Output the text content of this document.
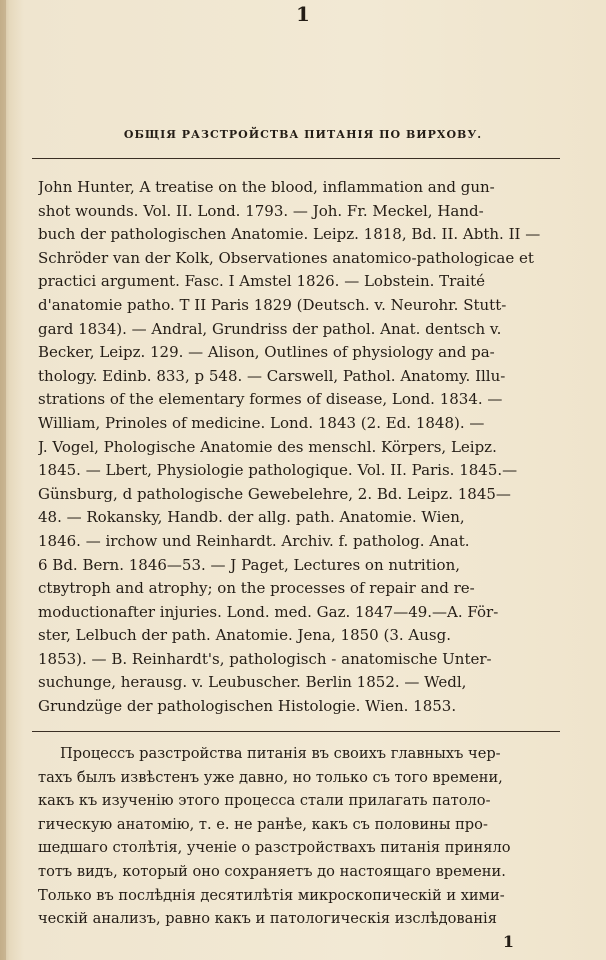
1
ОБЩІЯ РАЗСТРОЙСТВА ПИТАНІЯ ПО ВИРХОВУ.
John Hunter, A treatise on the blood, inflammation and gun-
shot wounds. Vol. II. Lond. 1793. — Joh. Fr. Meckel, Hand-
buch der pathologischen Anatomie. Leipz. 1818, Bd. II. Abth. II —
Schröder van der Kolk, Observationes anatomico-pathologicae et
practici argument. Fasc. I Amstel 1826. — Lobstein. Traité
d'anatomie patho. T II Paris 1829 (Deutsch. v. Neurohr. Stutt-
gard 1834). — Andral, Grundriss der pathol. Anat. dentsch v.
Becker, Leipz. 129. — Alison, Outlines of physiology and pa-
thology. Edinb. 833, p 548. — Carswell, Pathol. Anatomy. Illu-
strations of the elementary formes of disease, Lond. 1834. —
William, Prinoles of medicine. Lond. 1843 (2. Ed. 1848). —
J. Vogel, Phologische Anatomie des menschl. Körpers, Leipz.
1845. — Lbert, Physiologie pathologique. Vol. II. Paris. 1845.—
Günsburg, d pathologische Gewebelehre, 2. Bd. Leipz. 1845—
48. — Rokansky, Handb. der allg. path. Anatomie. Wien,
1846. — irchow und Reinhardt. Archiv. f. patholog. Anat.
6 Bd. Bern. 1846—53. — J Paget, Lectures on nutrition,
ctвytroph and atrophy; on the processes of repair and re-
moductionafter injuries. Lond. med. Gaz. 1847—49.—A. För-
ster, Lelbuch der path. Anatomie. Jena, 1850 (3. Ausg.
1853). — B. Reinhardt's, pathologisch - anatomische Unter-
suchunge, herausg. v. Leubuscher. Berlin 1852. — Wedl,
Grundzüge der pathologischen Histologie. Wien. 1853.
Процессъ разстройства питанія въ своихъ главныхъ чер-
тахъ былъ извѣстенъ уже давно, но только съ того времени,
какъ къ изученію этого процесса стали прилагать патоло-
гическую анатомію, т. е. не ранѣе, какъ съ половины про-
шедшаго столѣтія, ученіе о разстройствахъ питанія приняло
тотъ видъ, который оно сохраняетъ до настоящаго времени.
Только въ послѣднія десятилѣтія микроскопическій и хими-
ческій анализъ, равно какъ и патологическія изслѣдованія
1
